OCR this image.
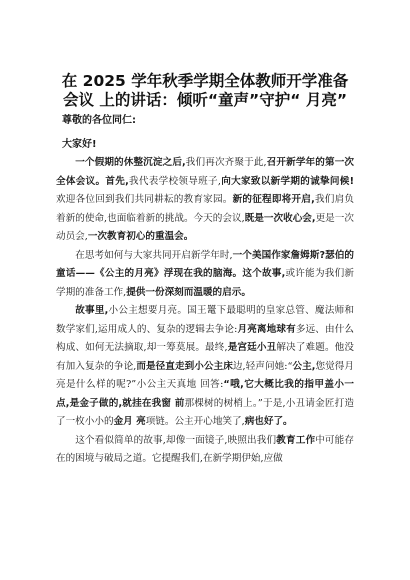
在 2025 学年秋季学期全体教师开学准备会议 上的讲话：倾听“童声”守护“ 月亮”

尊敬的各位同仁:

大家好!

一个假期的休整沉淀之后,我们再次齐聚于此,召开新学年的第一次全体会议。首先,我代表学校领导班子,向大家致以新学期的诚挚问候!欢迎各位回到我们共同耕耘的教育家园。新的征程即将开启,我们肩负着新的使命,也面临着新的挑战。今天的会议,既是一次收心会,更是一次动员会,一次教育初心的重温会。

在思考如何与大家共同开启新学年时,一个美国作家詹姆斯?瑟伯的童话——《公主的月亮》浮现在我的脑海。这个故事,或许能为我们新学期的准备工作,提供一份深刻而温暖的启示。

故事里,小公主想要月亮。国王鼍下最聪明的皇家总管、魔法师和数学家们,运用成人的、复杂的逻辑去争论:月亮离地球有多远、由什么构成、如何无法摘取,却一筹莫展。最终,是宫廷小丑解决了难题。他没有加入复杂的争论,而是径直走到小公主床边,轻声问她:“公主,您觉得月亮是什么样的呢?”小公主天真地 回答:“哦,它大概比我的指甲盖小一点,是金子做的,就挂在我窗 前那棵树的树梢上。”于是,小丑请金匠打造了一枚小小的金月 亮项链。公主开心地笑了,病也好了。

这个看似简单的故事,却像一面镜子,映照出我们教育工作中可能存在的困境与破局之道。它提醒我们,在新学期伊始,应做
